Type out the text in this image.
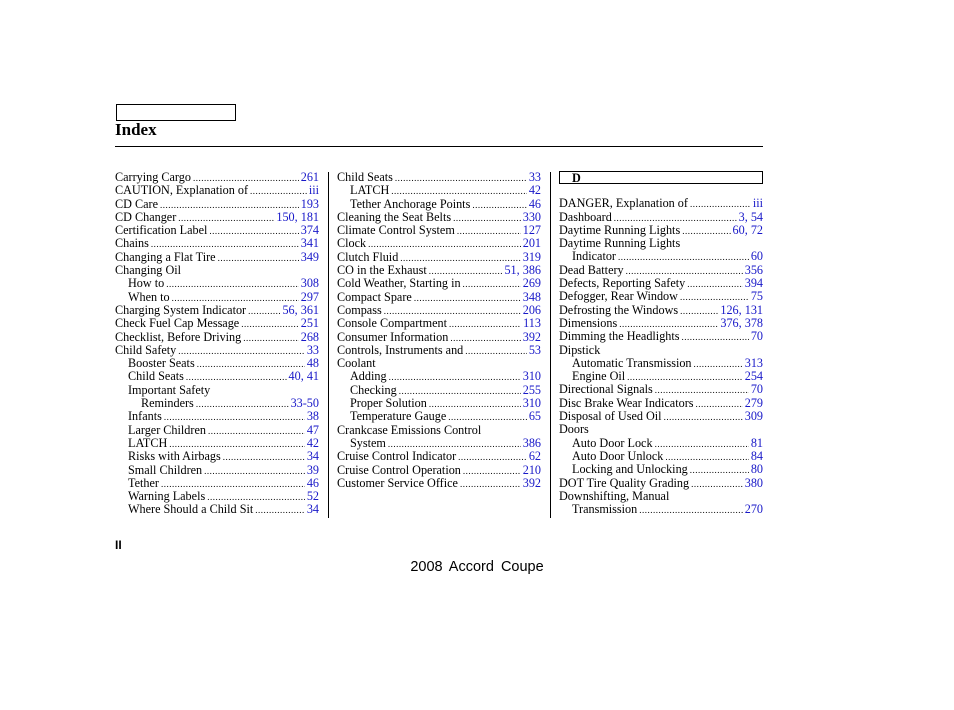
Index
Carrying Cargo .....	261
CAUTION, Explanation of .....	iii
CD Care .....	193
CD Changer .....	150, 181
Certification Label .....	374
Chains .....	341
Changing a Flat Tire .....	349
Changing Oil
How to .....	308
When to .....	297
Charging System Indicator .....	56, 361
Check Fuel Cap Message .....	251
Checklist, Before Driving .....	268
Child Safety .....	33
Booster Seats .....	48
Child Seats .....	40, 41
Important Safety
Reminders .....	33-50
Infants .....	38
Larger Children .....	47
LATCH .....	42
Risks with Airbags .....	34
Small Children .....	39
Tether .....	46
Warning Labels .....	52
Where Should a Child Sit .....	34
Child Seats .....	33
LATCH .....	42
Tether Anchorage Points .....	46
Cleaning the Seat Belts .....	330
Climate Control System .....	127
Clock .....	201
Clutch Fluid .....	319
CO in the Exhaust .....	51, 386
Cold Weather, Starting in .....	269
Compact Spare .....	348
Compass .....	206
Console Compartment .....	113
Consumer Information .....	392
Controls, Instruments and .....	53
Coolant
Adding .....	310
Checking .....	255
Proper Solution .....	310
Temperature Gauge .....	65
Crankcase Emissions Control
System .....	386
Cruise Control Indicator .....	62
Cruise Control Operation .....	210
Customer Service Office .....	392
D
DANGER, Explanation of .....	iii
Dashboard .....	3, 54
Daytime Running Lights .....	60, 72
Daytime Running Lights
Indicator .....	60
Dead Battery .....	356
Defects, Reporting Safety .....	394
Defogger, Rear Window .....	75
Defrosting the Windows .....	126, 131
Dimensions .....	376, 378
Dimming the Headlights .....	70
Dipstick
Automatic Transmission .....	313
Engine Oil .....	254
Directional Signals .....	70
Disc Brake Wear Indicators .....	279
Disposal of Used Oil .....	309
Doors
Auto Door Lock .....	81
Auto Door Unlock .....	84
Locking and Unlocking .....	80
DOT Tire Quality Grading .....	380
Downshifting, Manual
Transmission .....	270
II
2008 Accord Coupe
